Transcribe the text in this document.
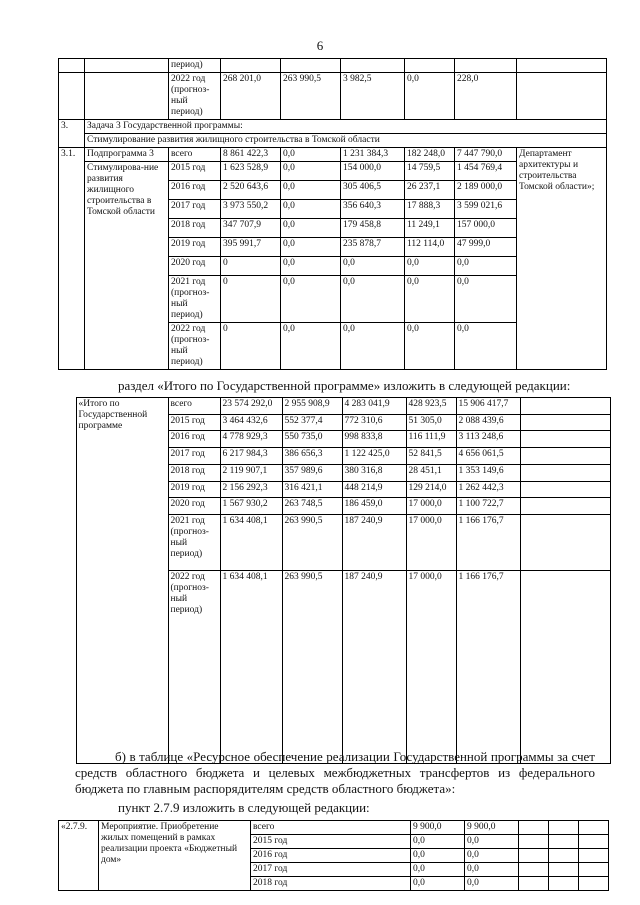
6
		период)							
		2022 год (прогноз-ный период)	268 201,0	263 990,5	3 982,5	0,0	228,0		
3.	Задача 3 Государственной программы:								
	Стимулирование развития жилищного строительства в Томской области								
3.1.	Подпрограмма 3	всего	8 861 422,3	0,0	1 231 384,3	182 248,0	7 447 790,0	Департамент архитектуры и строительства Томской области»;	
	Стимулирова-ние развития жилищного строительства в Томской области	2015 год	1 623 528,9	0,0	154 000,0	14 759,5	1 454 769,4		
		2016 год	2 520 643,6	0,0	305 406,5	26 237,1	2 189 000,0		
		2017 год	3 973 550,2	0,0	356 640,3	17 888,3	3 599 021,6		
		2018 год	347 707,9	0,0	179 458,8	11 249,1	157 000,0		
		2019 год	395 991,7	0,0	235 878,7	112 114,0	47 999,0		
		2020 год	0	0,0	0,0	0,0	0,0		
		2021 год (прогноз-ный период)	0	0,0	0,0	0,0	0,0		
		2022 год (прогноз-ный период)	0	0,0	0,0	0,0	0,0		
раздел «Итого по Государственной программе» изложить в следующей редакции:
	«Итого по Государственной программе	всего	23 574 292,0	2 955 908,9	4 283 041,9	428 923,5	15 906 417,7		
		2015 год	3 464 432,6	552 377,4	772 310,6	51 305,0	2 088 439,6		
		2016 год	4 778 929,3	550 735,0	998 833,8	116 111,9	3 113 248,6		
		2017 год	6 217 984,3	386 656,3	1 122 425,0	52 841,5	4 656 061,5		
		2018 год	2 119 907,1	357 989,6	380 316,8	28 451,1	1 353 149,6		
		2019 год	2 156 292,3	316 421,1	448 214,9	129 214,0	1 262 442,3		
		2020 год	1 567 930,2	263 748,5	186 459,0	17 000,0	1 100 722,7		
		2021 год (прогноз-ный период)	1 634 408,1	263 990,5	187 240,9	17 000,0	1 166 176,7		
		2022 год (прогноз-ный период)	1 634 408,1	263 990,5	187 240,9	17 000,0	1 166 176,7		
б) в таблице «Ресурсное обеспечение реализации Государственной программы за счет средств областного бюджета и целевых межбюджетных трансфертов из федерального бюджета по главным распорядителям средств областного бюджета»:
пункт 2.7.9 изложить в следующей редакции:
«2.7.9.	Мероприятие. Приобретение жилых помещений в рамках реализации проекта «Бюджетный дом»	всего	9 900,0	9 900,0			
		2015 год	0,0	0,0			
		2016 год	0,0	0,0			
		2017 год	0,0	0,0			
		2018 год	0,0	0,0			
